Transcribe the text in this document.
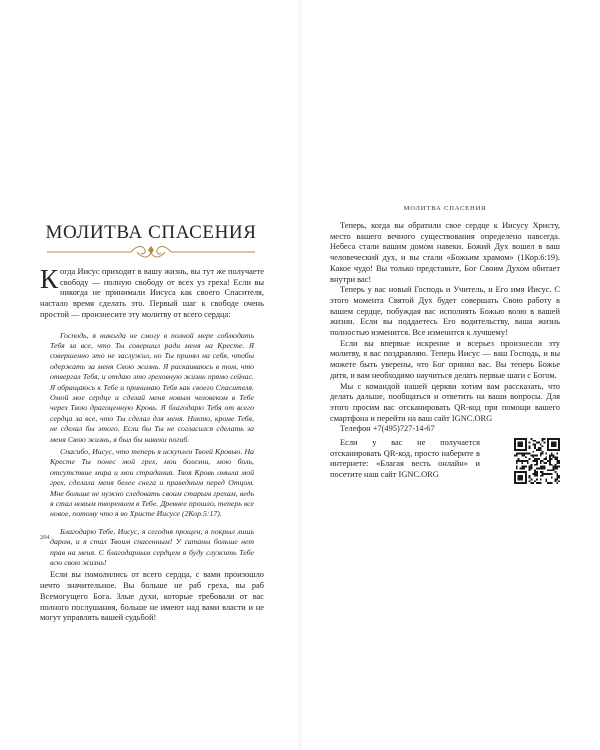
МОЛИТВА СПАСЕНИЯ

Когда Иисус приходит в вашу жизнь, вы тут же получаете свободу — полную свободу от всех уз греха! Если вы никогда не принимали Иисуса как своего Спасителя, настало время сделать это. Первый шаг к свободе очень простой — произнесите эту молитву от всего сердца:

Господь, я никогда не смогу в полной мере соблюдать Тебя за все, что Ты совершил ради меня на Кресте. Я совершенно это не заслужил, но Ты принял на себя, чтобы одержать за меня Свою жизнь. Я раскаиваюсь в том, что отвергал Тебя, и отдаю это греховную жизнь прямо сейчас. Я обращаюсь к Тебе и принимаю Тебя как своего Спасителя. Омой мое сердце и сделай меня новым человеком в Тебе через Твою драгоценную Кровь. Я благодарю Тебя от всего сердца за все, что Ты сделал для меня. Никто, кроме Тебя, не сделал бы этого. Если бы Ты не согласился сделать за меня Свою жизнь, я был бы навеки погиб.

Спасибо, Иисус, что теперь я искуплен Твоей Кровью. На Кресте Ты понес мой грех, мои болезни, мою боль, отсутствие мира и мои страдания. Твоя Кровь омыла мой грех, сделала меня белее снега и праведным перед Отцом. Мне больше не нужно следовать своим старым грехам, ведь я стал новым творением в Тебе. Древнее прошло, теперь все новое, потому что я во Христе Иисусе (2Кор.5:17).

Благодарю Тебе, Иисус, я сегодня прощен, я покрыл лишь даром, и я стал Твоим спасенным! У сатаны больше нет прав на меня. С благодарным сердцем я буду служить Тебе всю свою жизнь!

Если вы помолились от всего сердца, с вами произошло нечто значительное. Вы больше не раб греха, вы раб Всемогущего Бога. Злые духи, которые требовали от вас полного послушания, больше не имеют над вами власти и не могут управлять вашей судьбой!

204
МОЛИТВА СПАСЕНИЯ

Теперь, когда вы обратили свое сердце к Иисусу Христу, место вашего вечного существования определено навсегда. Небеса стали вашим домом навеки. Божий Дух вошел в ваш человеческий дух, и вы стали «Божьим храмом» (1Кор.6:19). Какое чудо! Вы только представьте, Бог Своим Духом обитает внутри вас!

Теперь у вас новый Господь и Учитель, и Его имя Иисус. С этого момента Святой Дух будет совершать Свою работу в вашем сердце, побуждая вас исполнять Божью волю в вашей жизни. Если вы поддаетесь Его водительству, ваша жизнь полностью изменится. Все изменится к лучшему!

Если вы впервые искренне и всерьез произнесли эту молитву, я вас поздравляю. Теперь Иисус — ваш Господь, и вы можете быть уверены, что Бог принял вас. Вы теперь Божье дитя, и вам необходимо научиться делать первые шаги с Богом.

Мы с командой нашей церкви хотим вам рассказать, что делать дальше, пообщаться и ответить на ваши вопросы. Для этого просим вас отсканировать QR-код при помощи вашего смартфона и перейти на ваш сайт IGNC.ORG

Телефон +7(495)727-14-67

Если у вас не получается отсканировать QR-код, просто наберите в интернете: «Благая весть онлайн» и посетите наш сайт IGNC.ORG
